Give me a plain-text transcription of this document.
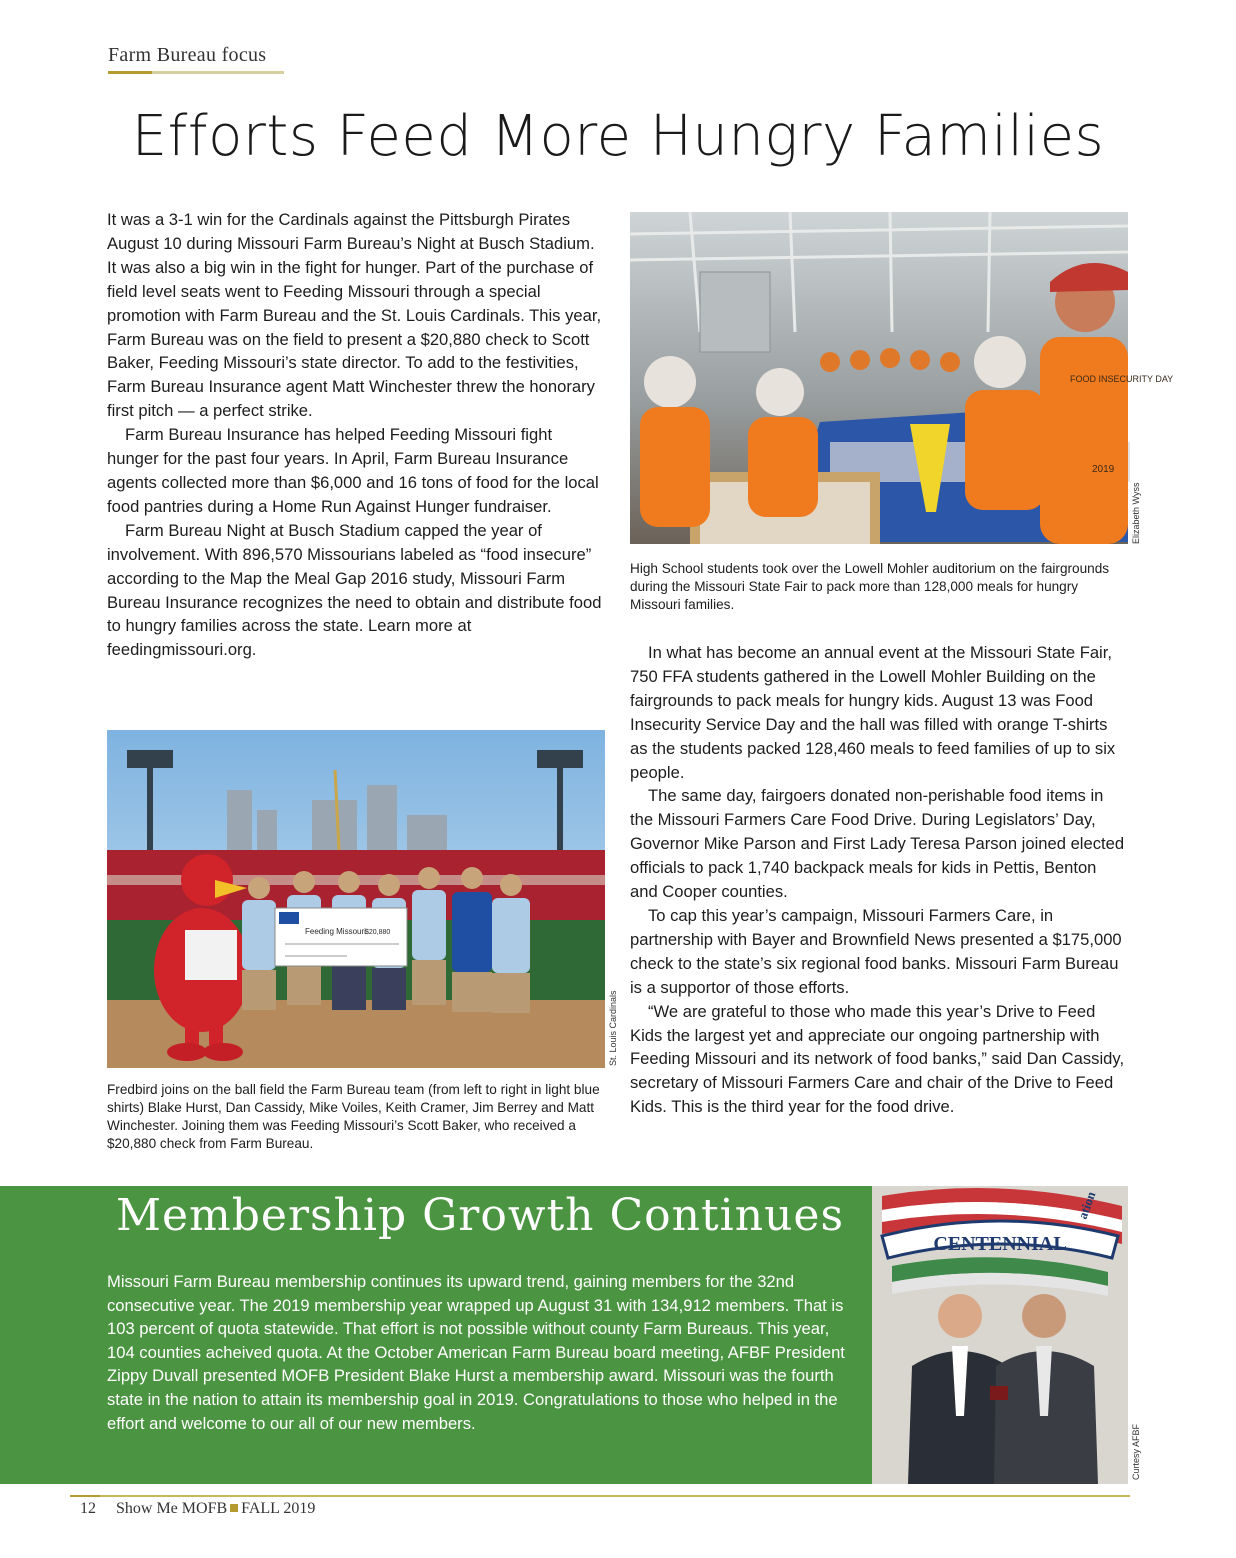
Farm Bureau focus
Efforts Feed More Hungry Families

It was a 3-1 win for the Cardinals against the Pittsburgh Pirates August 10 during Missouri Farm Bureau’s Night at Busch Stadium. It was also a big win in the fight for hunger. Part of the purchase of field level seats went to Feeding Missouri through a special promotion with Farm Bureau and the St. Louis Cardinals. This year, Farm Bureau was on the field to present a $20,880 check to Scott Baker, Feeding Missouri’s state director. To add to the festivities, Farm Bureau Insurance agent Matt Winchester threw the honorary first pitch — a perfect strike.

Farm Bureau Insurance has helped Feeding Missouri fight hunger for the past four years. In April, Farm Bureau Insurance agents collected more than $6,000 and 16 tons of food for the local food pantries during a Home Run Against Hunger fundraiser.

Farm Bureau Night at Busch Stadium capped the year of involvement. With 896,570 Missourians labeled as “food insecure” according to the Map the Meal Gap 2016 study, Missouri Farm Bureau Insurance recognizes the need to obtain and distribute food to hungry families across the state. Learn more at feedingmissouri.org.

FOOD INSECURITY DAY
2019
Elizabeth Wyss
High School students took over the Lowell Mohler auditorium on the fairgrounds during the Missouri State Fair to pack more than 128,000 meals for hungry Missouri families.

In what has become an annual event at the Missouri State Fair, 750 FFA students gathered in the Lowell Mohler Building on the fairgrounds to pack meals for hungry kids. August 13 was Food Insecurity Service Day and the hall was filled with orange T-shirts as the students packed 128,460 meals to feed families of up to six people.

The same day, fairgoers donated non-perishable food items in the Missouri Farmers Care Food Drive. During Legislators’ Day, Governor Mike Parson and First Lady Teresa Parson joined elected officials to pack 1,740 backpack meals for kids in Pettis, Benton and Cooper counties.

To cap this year’s campaign, Missouri Farmers Care, in partnership with Bayer and Brownfield News presented a $175,000 check to the state’s six regional food banks. Missouri Farm Bureau is a supportor of those efforts.

“We are grateful to those who made this year’s Drive to Feed Kids the largest yet and appreciate our ongoing partnership with Feeding Missouri and its network of food banks,” said Dan Cassidy, secretary of Missouri Farmers Care and chair of the Drive to Feed Kids. This is the third year for the food drive.

Feeding Missouri $20,880
St. Louis Cardinals
Fredbird joins on the ball field the Farm Bureau team (from left to right in light blue shirts) Blake Hurst, Dan Cassidy, Mike Voiles, Keith Cramer, Jim Berrey and Matt Winchester. Joining them was Feeding Missouri’s Scott Baker, who received a $20,880 check from Farm Bureau.
Membership Growth Continues
Missouri Farm Bureau membership continues its upward trend, gaining members for the 32nd consecutive year. The 2019 membership year wrapped up August 31 with 134,912 members. That is 103 percent of quota statewide. That effort is not possible without county Farm Bureaus. This year, 104 counties acheived quota. At the October American Farm Bureau board meeting, AFBF President Zippy Duvall presented MOFB President Blake Hurst a membership award. Missouri was the fourth state in the nation to attain its membership goal in 2019. Congratulations to those who helped in the effort and welcome to our all of our new members.
CENTENNIAL
ation
Curtesy AFBF
12 Show Me MOFB FALL 2019
